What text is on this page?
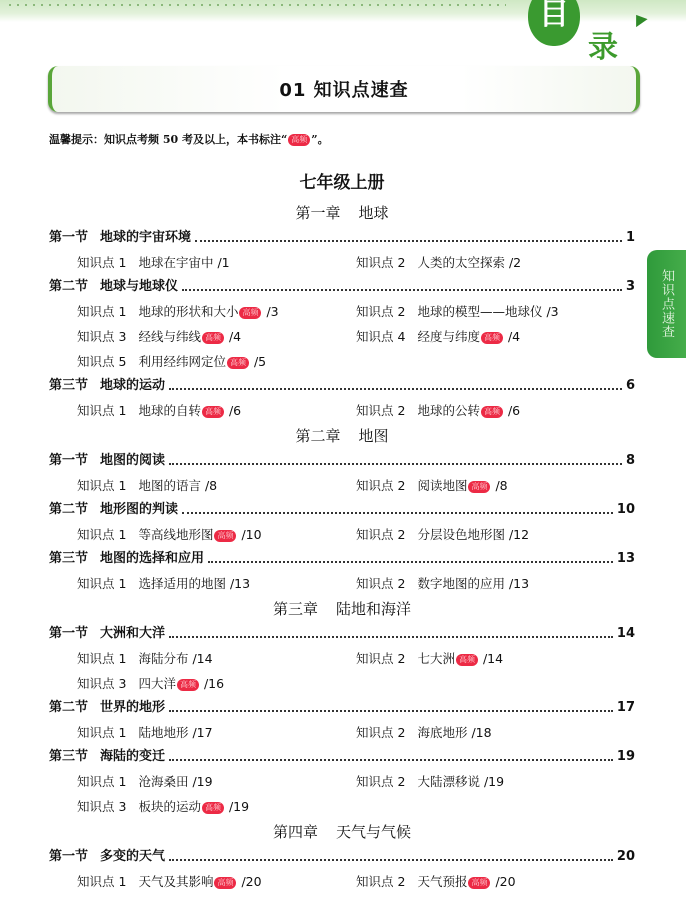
目
录
01 知识点速查
温馨提示：知识点考频 50 考及以上，本书标注“ 高频 ”。
知识点速查
七年级上册
第一章 地球
第一节 地球的宇宙环境	1
知识点 1 地球在宇宙中 /1	知识点 2 人类的太空探索 /2
第二节 地球与地球仪	3
知识点 1 地球的形状和大小 高频 /3	知识点 2 地球的模型——地球仪 /3
知识点 3 经线与纬线 高频 /4	知识点 4 经度与纬度 高频 /4
知识点 5 利用经纬网定位 高频 /5
第三节 地球的运动	6
知识点 1 地球的自转 高频 /6	知识点 2 地球的公转 高频 /6
第二章 地图
第一节 地图的阅读	8
知识点 1 地图的语言 /8	知识点 2 阅读地图 高频 /8
第二节 地形图的判读	10
知识点 1 等高线地形图 高频 /10	知识点 2 分层设色地形图 /12
第三节 地图的选择和应用	13
知识点 1 选择适用的地图 /13	知识点 2 数字地图的应用 /13
第三章 陆地和海洋
第一节 大洲和大洋	14
知识点 1 海陆分布 /14	知识点 2 七大洲 高频 /14
知识点 3 四大洋 高频 /16
第二节 世界的地形	17
知识点 1 陆地地形 /17	知识点 2 海底地形 /18
第三节 海陆的变迁	19
知识点 1 沧海桑田 /19	知识点 2 大陆漂移说 /19
知识点 3 板块的运动 高频 /19
第四章 天气与气候
第一节 多变的天气	20
知识点 1 天气及其影响 高频 /20	知识点 2 天气预报 高频 /20
